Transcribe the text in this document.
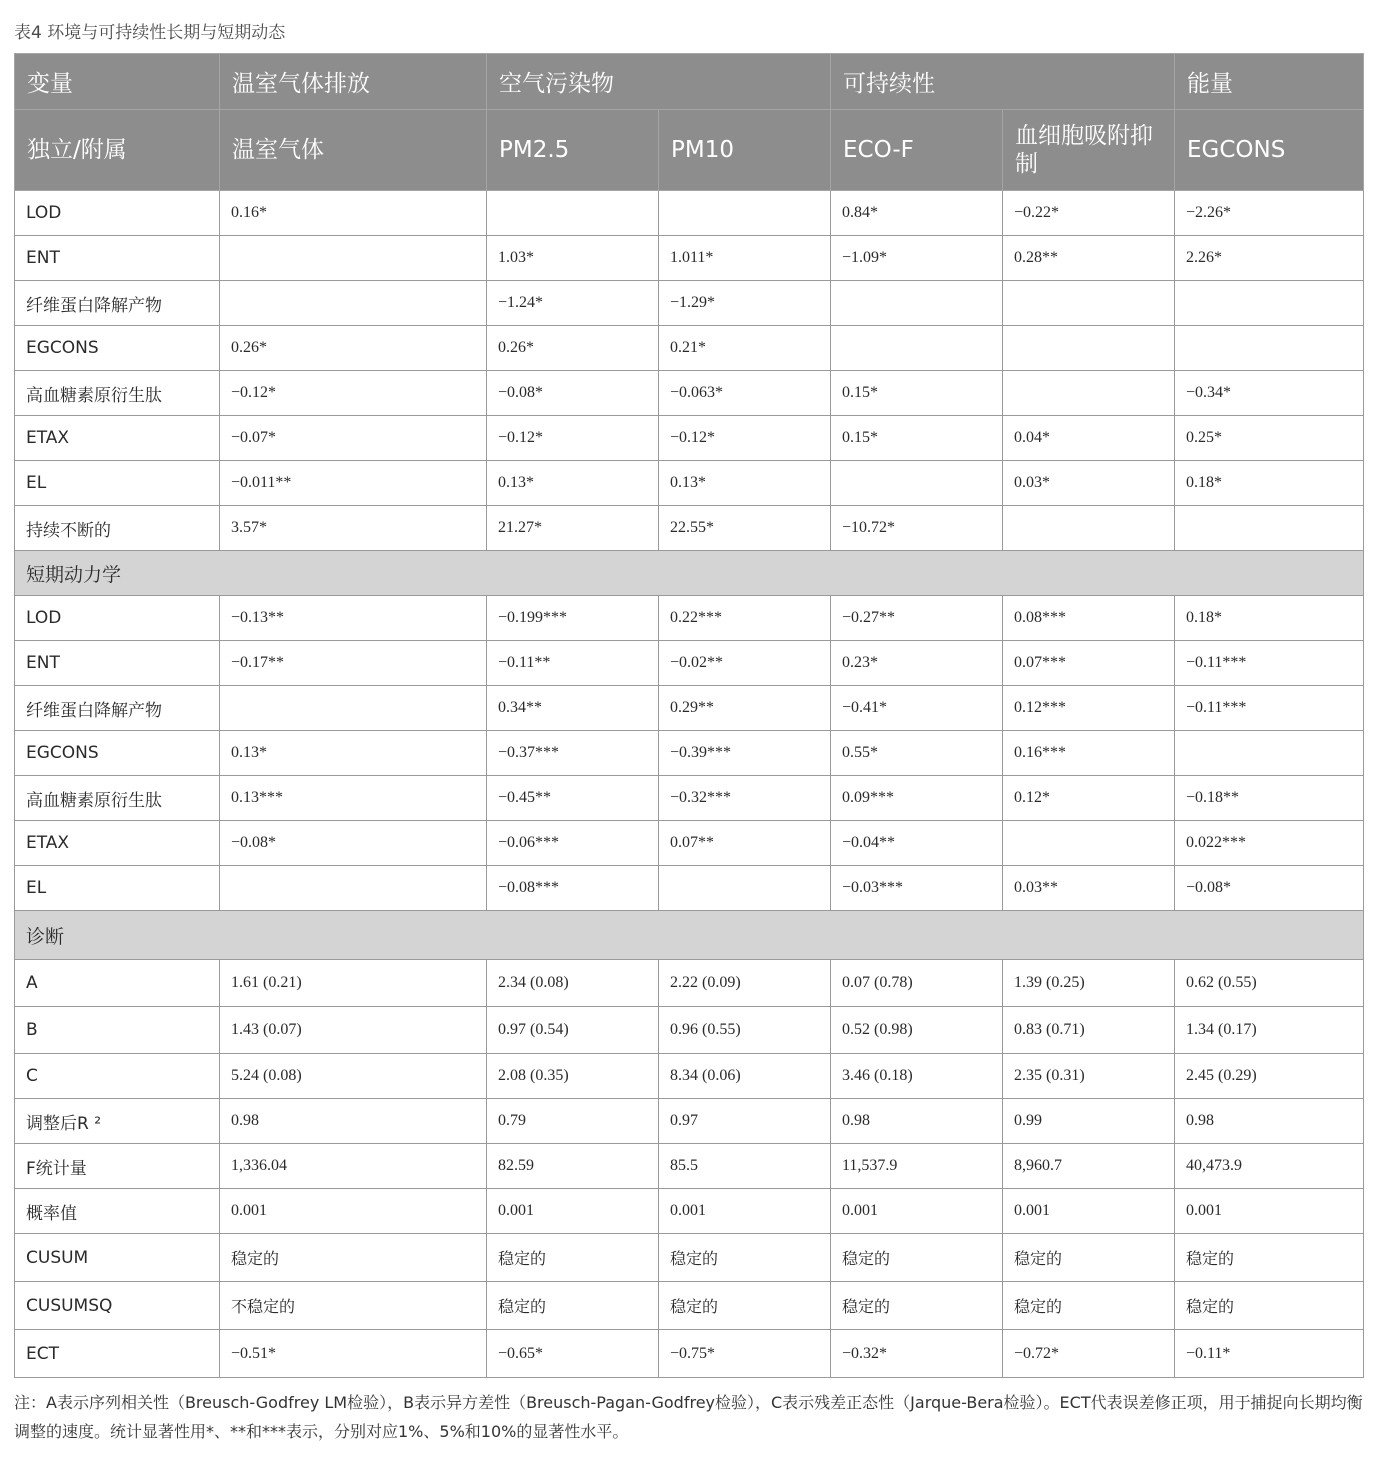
表4 环境与可持续性长期与短期动态
变量	温室气体排放	空气污染物		可持续性		能量
独立/附属	温室气体	PM2.5	PM10	ECO-F	血细胞吸附抑制	EGCONS
LOD	0.16*			0.84*	−0.22*	−2.26*
ENT		1.03*	1.011*	−1.09*	0.28**	2.26*
纤维蛋白降解产物		−1.24*	−1.29*			
EGCONS	0.26*	0.26*	0.21*			
高血糖素原衍生肽	−0.12*	−0.08*	−0.063*	0.15*		−0.34*
ETAX	−0.07*	−0.12*	−0.12*	0.15*	0.04*	0.25*
EL	−0.011**	0.13*	0.13*		0.03*	0.18*
持续不断的	3.57*	21.27*	22.55*	−10.72*		
短期动力学						
LOD	−0.13**	−0.199***	0.22***	−0.27**	0.08***	0.18*
ENT	−0.17**	−0.11**	−0.02**	0.23*	0.07***	−0.11***
纤维蛋白降解产物		0.34**	0.29**	−0.41*	0.12***	−0.11***
EGCONS	0.13*	−0.37***	−0.39***	0.55*	0.16***	
高血糖素原衍生肽	0.13***	−0.45**	−0.32***	0.09***	0.12*	−0.18**
ETAX	−0.08*	−0.06***	0.07**	−0.04**		0.022***
EL		−0.08***		−0.03***	0.03**	−0.08*
诊断						
A	1.61 (0.21)	2.34 (0.08)	2.22 (0.09)	0.07 (0.78)	1.39 (0.25)	0.62 (0.55)
B	1.43 (0.07)	0.97 (0.54)	0.96 (0.55)	0.52 (0.98)	0.83 (0.71)	1.34 (0.17)
C	5.24 (0.08)	2.08 (0.35)	8.34 (0.06)	3.46 (0.18)	2.35 (0.31)	2.45 (0.29)
调整后R ²	0.98	0.79	0.97	0.98	0.99	0.98
F统计量	1,336.04	82.59	85.5	11,537.9	8,960.7	40,473.9
概率值	0.001	0.001	0.001	0.001	0.001	0.001
CUSUM	稳定的	稳定的	稳定的	稳定的	稳定的	稳定的
CUSUMSQ	不稳定的	稳定的	稳定的	稳定的	稳定的	稳定的
ECT	−0.51*	−0.65*	−0.75*	−0.32*	−0.72*	−0.11*
注：A表示序列相关性（Breusch-Godfrey LM检验），B表示异方差性（Breusch-Pagan-Godfrey检验），C表示残差正态性（Jarque-Bera检验）。ECT代表误差修正项，用于捕捉向长期均衡调整的速度。统计显著性用*、**和***表示，分别对应1%、5%和10%的显著性水平。
